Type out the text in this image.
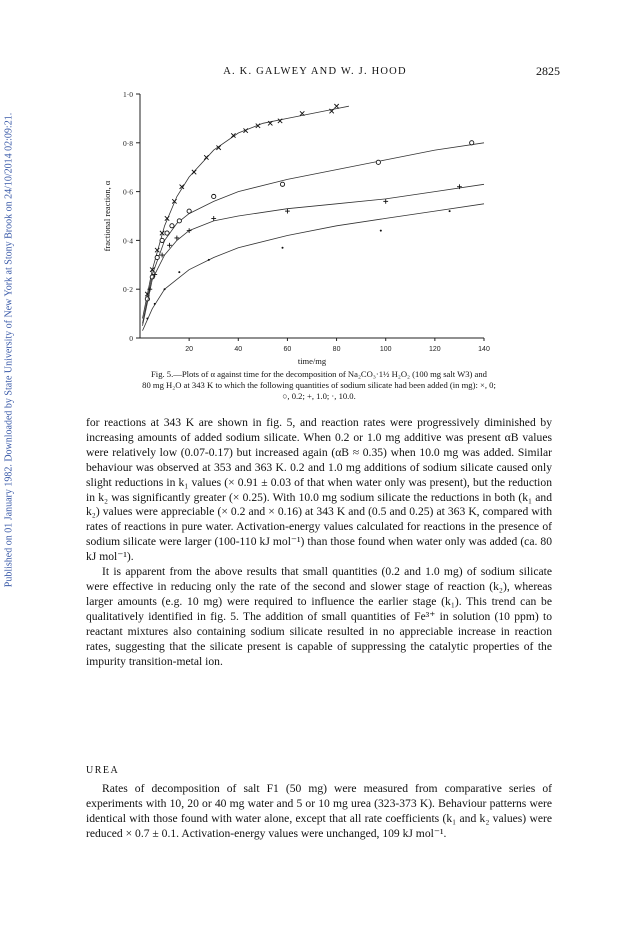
Published on 01 January 1982. Downloaded by State University of New York at Stony Brook on 24/10/2014 02:09:21.
A. K. GALWEY AND W. J. HOOD	2825
0
0·2
0·4
0·6
0·8
1·0
20	40	60	80	100	120	140
time/mg
fractional reaction, α
Fig. 5.—Plots of α against time for the decomposition of Na₂CO₃·1½ H₂O₂ (100 mg salt W3) and
80 mg H₂O at 343 K to which the following quantities of sodium silicate had been added (in mg): ×, 0;
○, 0.2; +, 1.0; ·, 10.0.

for reactions at 343 K are shown in fig. 5, and reaction rates were progressively diminished by increasing amounts of added sodium silicate. When 0.2 or 1.0 mg additive was present αB values were relatively low (0.07-0.17) but increased again (αB ≈ 0.35) when 10.0 mg was added. Similar behaviour was observed at 353 and 363 K. 0.2 and 1.0 mg additions of sodium silicate caused only slight reductions in k₁ values (× 0.91 ± 0.03 of that when water only was present), but the reduction in k₂ was significantly greater (× 0.25). With 10.0 mg sodium silicate the reductions in both (k₁ and k₂) values were appreciable (× 0.2 and × 0.16) at 343 K and (0.5 and 0.25) at 363 K, compared with rates of reactions in pure water. Activation-energy values calculated for reactions in the presence of sodium silicate were larger (100-110 kJ mol⁻¹) than those found when water only was added (ca. 80 kJ mol⁻¹).

It is apparent from the above results that small quantities (0.2 and 1.0 mg) of sodium silicate were effective in reducing only the rate of the second and slower stage of reaction (k₂), whereas larger amounts (e.g. 10 mg) were required to influence the earlier stage (k₁). This trend can be qualitatively identified in fig. 5. The addition of small quantities of Fe³⁺ in solution (10 ppm) to reactant mixtures also containing sodium silicate resulted in no appreciable increase in reaction rates, suggesting that the silicate present is capable of suppressing the catalytic properties of the impurity transition-metal ion.

UREA

Rates of decomposition of salt F1 (50 mg) were measured from comparative series of experiments with 10, 20 or 40 mg water and 5 or 10 mg urea (323-373 K). Behaviour patterns were identical with those found with water alone, except that all rate coefficients (k₁ and k₂ values) were reduced × 0.7 ± 0.1. Activation-energy values were unchanged, 109 kJ mol⁻¹.
